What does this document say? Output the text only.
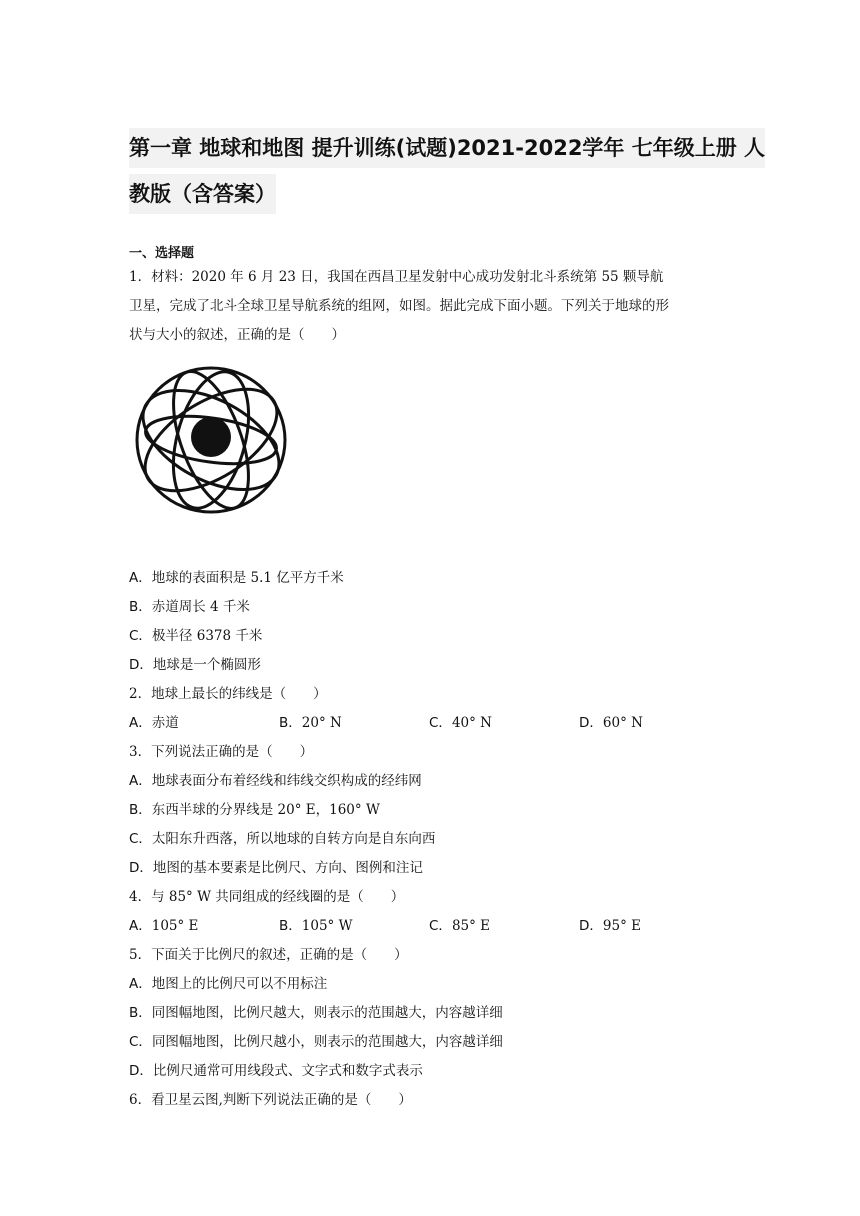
第一章 地球和地图 提升训练(试题)2021-2022学年 七年级上册 人
教版（含答案）
一、选择题
1．材料：2020 年 6 月 23 日，我国在西昌卫星发射中心成功发射北斗系统第 55 颗导航
卫星，完成了北斗全球卫星导航系统的组网，如图。据此完成下面小题。下列关于地球的形
状与大小的叙述，正确的是（　　）
A．地球的表面积是 5.1 亿平方千米
B．赤道周长 4 千米
C．极半径 6378 千米
D．地球是一个椭圆形
2．地球上最长的纬线是（　　）
A．赤道	B．20° N	C．40° N	D．60° N
3．下列说法正确的是（　　）
A．地球表面分布着经线和纬线交织构成的经纬网
B．东西半球的分界线是 20° E，160° W
C．太阳东升西落，所以地球的自转方向是自东向西
D．地图的基本要素是比例尺、方向、图例和注记
4．与 85° W 共同组成的经线圈的是（　　）
A．105° E	B．105° W	C．85° E	D．95° E
5．下面关于比例尺的叙述，正确的是（　　）
A．地图上的比例尺可以不用标注
B．同图幅地图，比例尺越大，则表示的范围越大，内容越详细
C．同图幅地图，比例尺越小，则表示的范围越大，内容越详细
D．比例尺通常可用线段式、文字式和数字式表示
6．看卫星云图,判断下列说法正确的是（　　）
